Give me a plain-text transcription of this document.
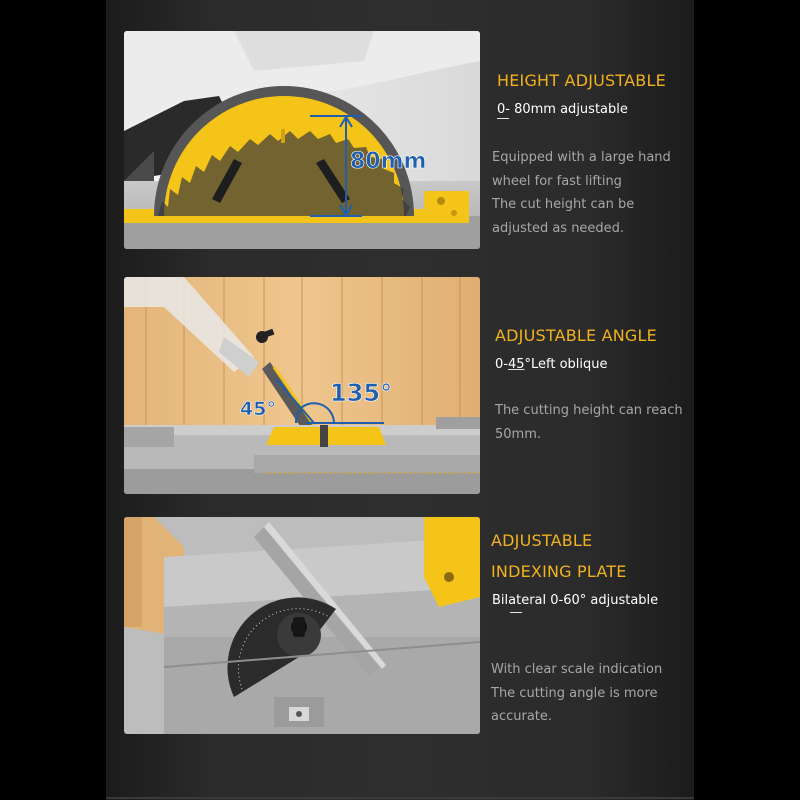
80mm
HEIGHT ADJUSTABLE
0- 80mm adjustable
Equipped with a large hand
wheel for fast lifting
The cut height can be
adjusted as needed.
45°
135°
ADJUSTABLE ANGLE
0-45°Left oblique
The cutting height can reach
50mm.
ADJUSTABLE
INDEXING PLATE
Bilateral 0-60° adjustable
With clear scale indication
The cutting angle is more
accurate.
